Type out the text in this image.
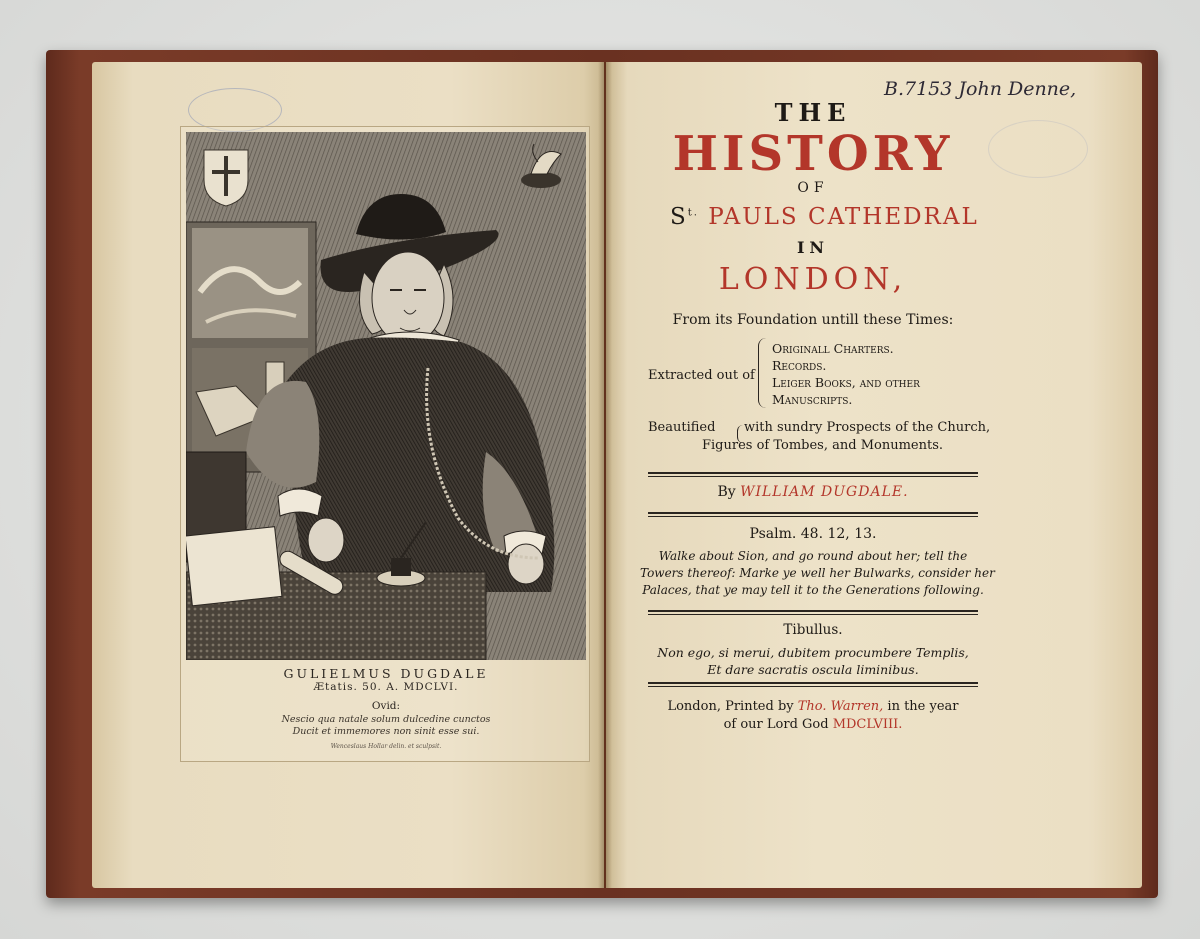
GULIELMUS DUGDALE
Ætatis. 50. A. MDCLVI.
Ovid:
Nescio qua natale solum dulcedine cunctos
Ducit et immemores non sinit esse sui.
Wenceslaus Hollar delin. et sculpsit.
B.7153 John Denne,
THE
HISTORY
OF
$S^{t.}$ PAULS CATHEDRAL
IN
LONDON,
From its Foundation untill these Times:
Extracted out of
Originall Charters.
Records.
Leiger Books, and other
Manuscripts.
Beautified with sundry Prospects of the Church,
Figures of Tombes, and Monuments.
By WILLIAM DUGDALE.
Psalm. 48. 12, 13.
Walke about Sion, and go round about her; tell the
Towers thereof: Marke ye well her Bulwarks, consider her
Palaces, that ye may tell it to the Generations following.
Tibullus.
Non ego, si merui, dubitem procumbere Templis,
Et dare sacratis oscula liminibus.
London, Printed by Tho. Warren, in the year
of our Lord God MDCLVIII.
